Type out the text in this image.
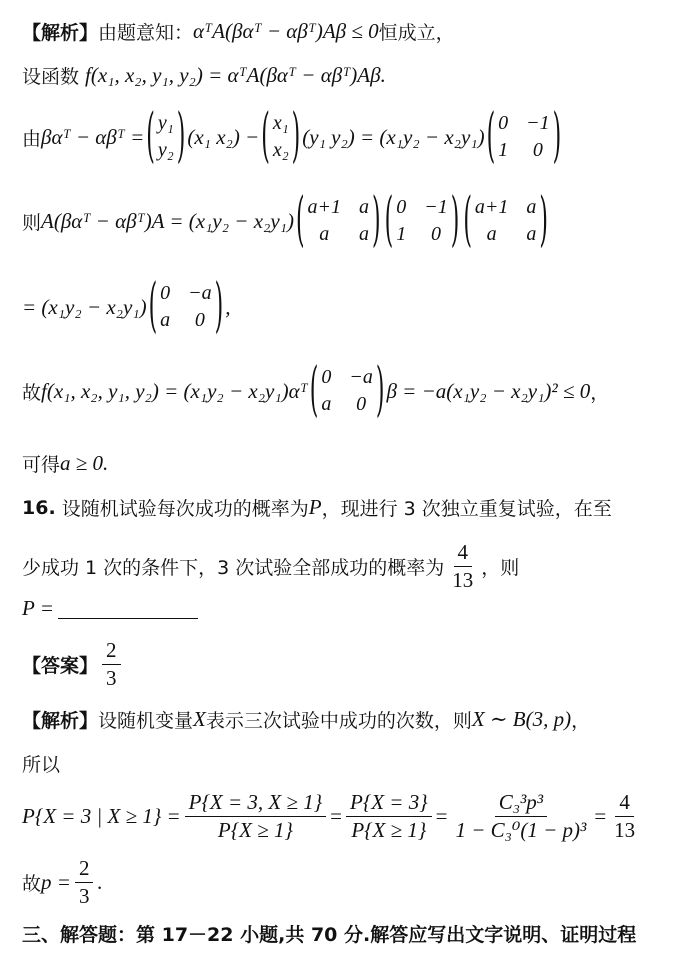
【解析】 由题意知： αᵀA(βαᵀ − αβᵀ)Aβ ≤ 0 恒成立，
设函数 f(x₁, x₂, y₁, y₂) = αᵀA(βαᵀ − αβᵀ)Aβ.
由 βαᵀ − αβᵀ = ( y₁
y₂ ) (x₁ x₂) − ( x₁
x₂ ) (y₁ y₂) = (x₁y₂ − x₂y₁) ( 0 −1
1	0 )
则 A(βαᵀ − αβᵀ)A = (x₁y₂ − x₂y₁) ( a+1 a
a	a ) ( 0 −1
1	0 ) ( a+1 a
a	a )
= (x₁y₂ − x₂y₁) ( 0 −a
a	0 ) ,
故 f(x₁, x₂, y₁, y₂) = (x₁y₂ − x₂y₁)αᵀ ( 0 −a
a	0 ) β = −a(x₁y₂ − x₂y₁)² ≤ 0 ，
可得 a ≥ 0.
16.
设随机试验每次成功的概率为 P ，现进行 3 次独立重复试验，在至
少成功 1 次的条件下，3 次试验全部成功的概率为 $\frac{4}{13}$ ，则
P =
【答案】 $\frac{2}{3}$
【解析】 设随机变量 X 表示三次试验中成功的次数，则 X ∼ B(3, p) ，
所以
P{X = 3 | $X \ge 1\} = \frac{P\{X = 3, X \ge 1\}}{P\{X \ge 1\}} = \frac{P\{X = 3\}}{P\{X \ge 1\}} = \frac{\text{C₃³p³}}{\text{1 − C₃⁰(1 − p)³}} = \frac{4}{13}$
故 $p = \frac{2}{3}$ .
三、解答题：第 17－22 小题,共 70 分.解答应写出文字说明、证明过程
